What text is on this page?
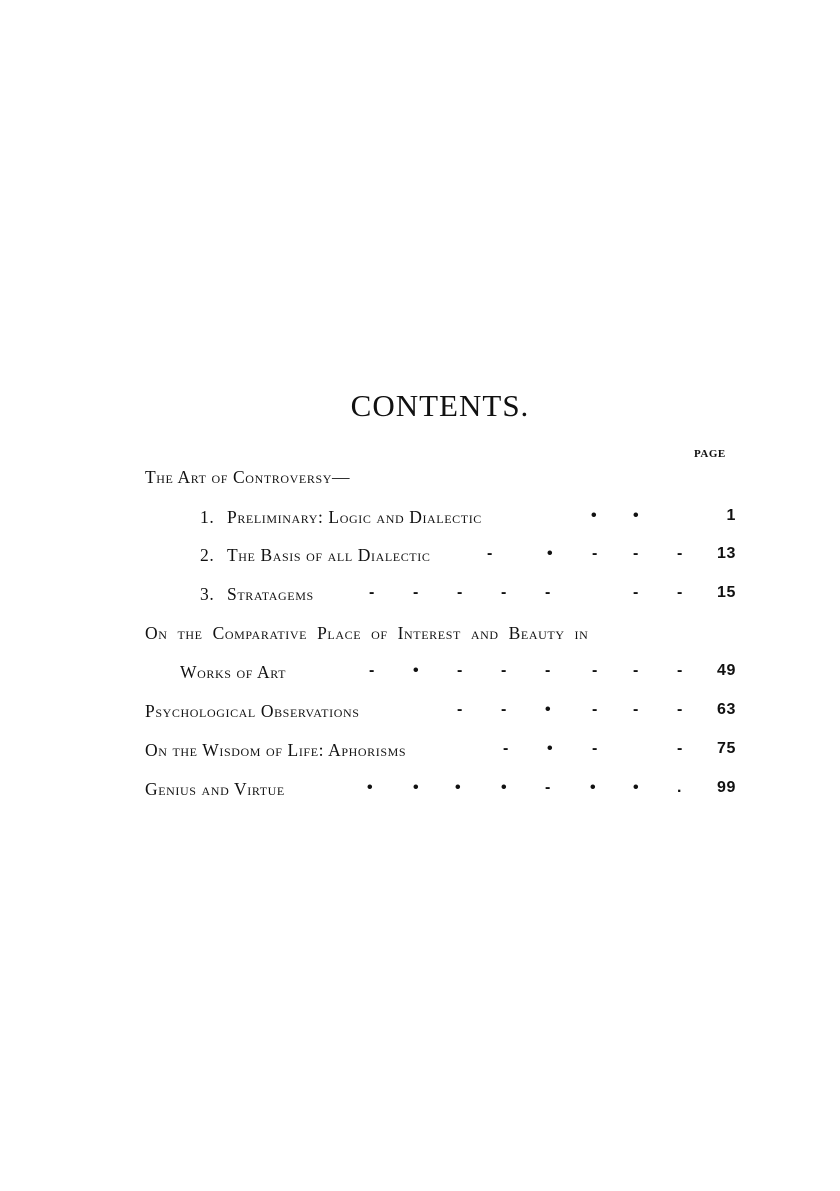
CONTENTS.
PAGE
The Art of Controversy—
1. Preliminary: Logic and Dialectic	• •	1
2. The Basis of all Dialectic	-	• - - - 13
3. Stratagems	- - - - -	- - 15
On the Comparative Place of Interest and Beauty in
Works of Art	- • - - -	- - - 49
Psychological Observations	- - •	- - - 63
On the Wisdom of Life: Aphorisms	- • -	- 75
Genius and Virtue	• • • • - • • . 99
